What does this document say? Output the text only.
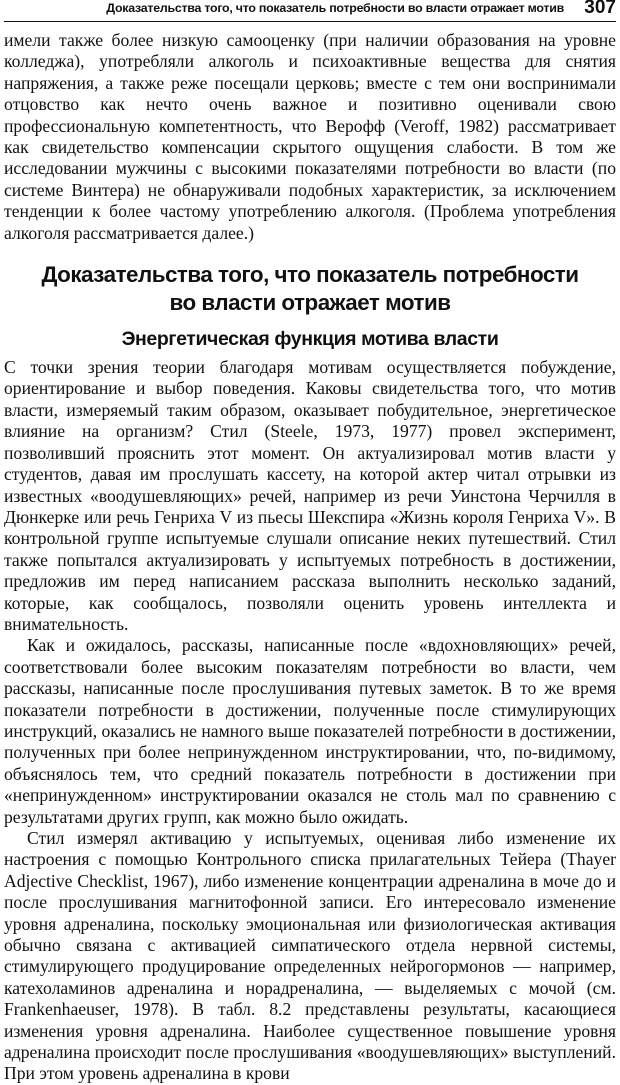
Доказательства того, что показатель потребности во власти отражает мотив 307

имели также более низкую самооценку (при наличии образования на уровне колледжа), употребляли алкоголь и психоактивные вещества для снятия напряжения, а также реже посещали церковь; вместе с тем они воспринимали отцовство как нечто очень важное и позитивно оценивали свою профессиональную компетентность, что Верофф (Veroff, 1982) рассматривает как свидетельство компенсации скрытого ощущения слабости. В том же исследовании мужчины с высокими показателями потребности во власти (по системе Винтера) не обнаруживали подобных характеристик, за исключением тенденции к более частому употреблению алкоголя. (Проблема употребления алкоголя рассматривается далее.)

Доказательства того, что показатель потребности
во власти отражает мотив
Энергетическая функция мотива власти

С точки зрения теории благодаря мотивам осуществляется побуждение, ориентирование и выбор поведения. Каковы свидетельства того, что мотив власти, измеряемый таким образом, оказывает побудительное, энергетическое влияние на организм? Стил (Steele, 1973, 1977) провел эксперимент, позволивший прояснить этот момент. Он актуализировал мотив власти у студентов, давая им прослушать кассету, на которой актер читал отрывки из известных «воодушевляющих» речей, например из речи Уинстона Черчилля в Дюнкерке или речь Генриха V из пьесы Шекспира «Жизнь короля Генриха V». В контрольной группе испытуемые слушали описание неких путешествий. Стил также попытался актуализировать у испытуемых потребность в достижении, предложив им перед написанием рассказа выполнить несколько заданий, которые, как сообщалось, позволяли оценить уровень интеллекта и внимательность.

Как и ожидалось, рассказы, написанные после «вдохновляющих» речей, соответствовали более высоким показателям потребности во власти, чем рассказы, написанные после прослушивания путевых заметок. В то же время показатели потребности в достижении, полученные после стимулирующих инструкций, оказались не намного выше показателей потребности в достижении, полученных при более непринужденном инструктировании, что, по-видимому, объяснялось тем, что средний показатель потребности в достижении при «непринужденном» инструктировании оказался не столь мал по сравнению с результатами других групп, как можно было ожидать.

Стил измерял активацию у испытуемых, оценивая либо изменение их настроения с помощью Контрольного списка прилагательных Тейера (Thayer Adjective Checklist, 1967), либо изменение концентрации адреналина в моче до и после прослушивания магнитофонной записи. Его интересовало изменение уровня адреналина, поскольку эмоциональная или физиологическая активация обычно связана с активацией симпатического отдела нервной системы, стимулирующего продуцирование определенных нейрогормонов — например, катехоламинов адреналина и норадреналина, — выделяемых с мочой (см. Frankenhaeuser, 1978). В табл. 8.2 представлены результаты, касающиеся изменения уровня адреналина. Наиболее существенное повышение уровня адреналина происходит после прослушивания «воодушевляющих» выступлений. При этом уровень адреналина в крови
